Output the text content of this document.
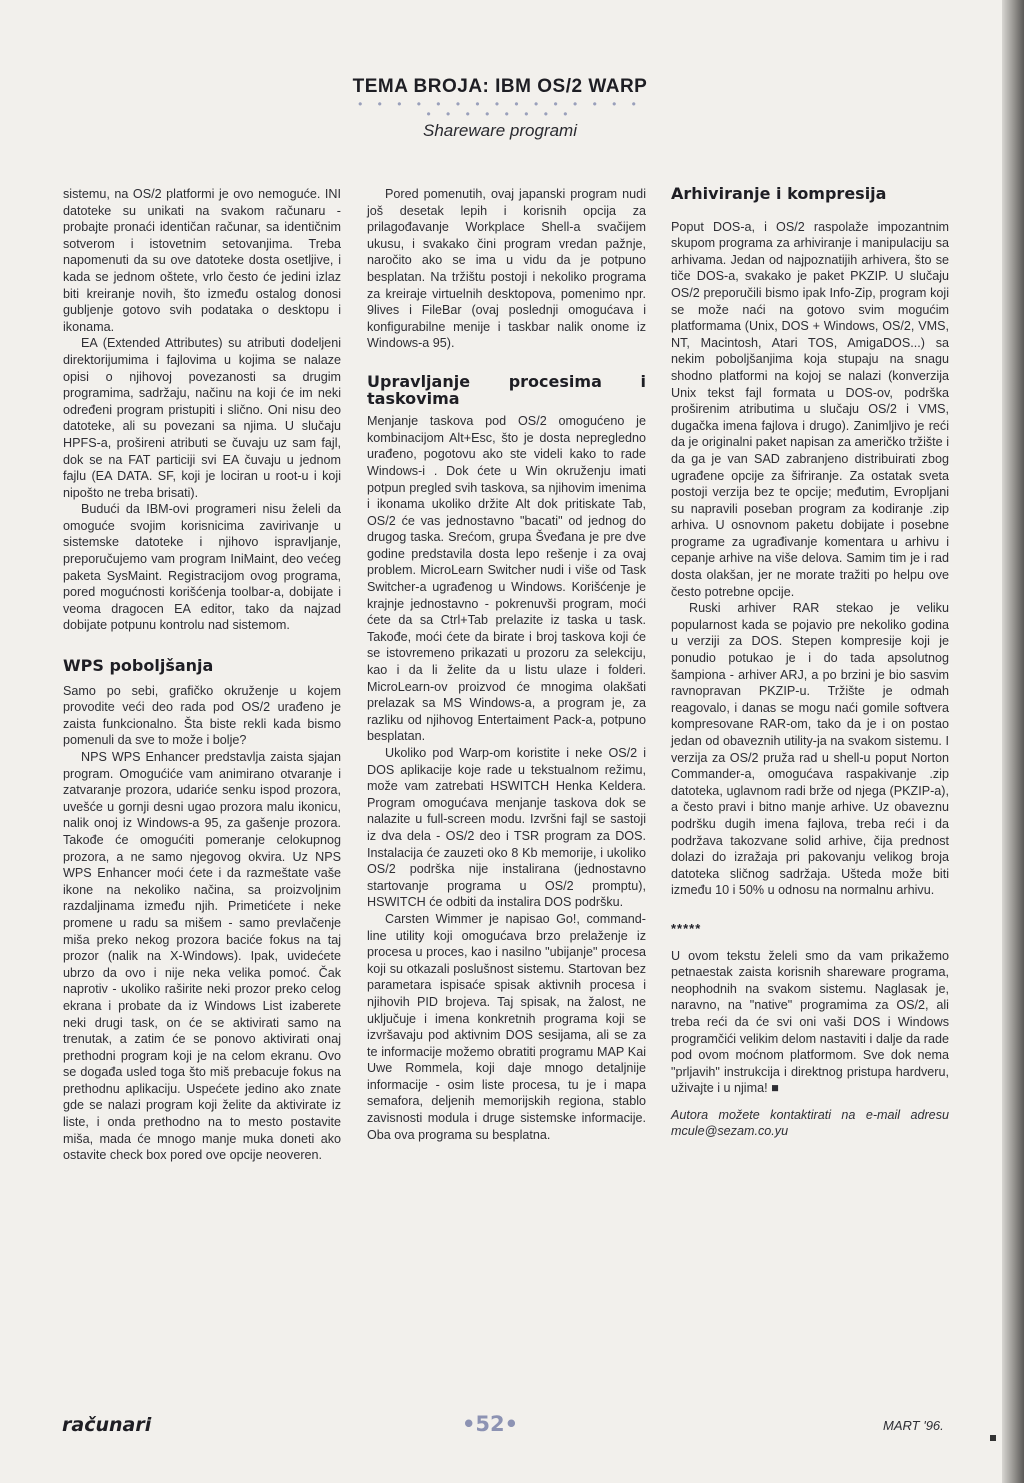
TEMA BROJA: IBM OS/2 WARP
• • • • • • • • • • • • • • • • • • • • • • •
Shareware programi

sistemu, na OS/2 platformi je ovo nemoguće. INI datoteke su unikati na svakom računaru - probajte pronaći identičan računar, sa identičnim sotverom i istovetnim setovanjima. Treba napomenuti da su ove datoteke dosta osetljive, i kada se jednom oštete, vrlo često će jedini izlaz biti kreiranje novih, što između ostalog donosi gubljenje gotovo svih podataka o desktopu i ikonama.

EA (Extended Attributes) su atributi dodeljeni direktorijumima i fajlovima u kojima se nalaze opisi o njihovoj povezanosti sa drugim programima, sadržaju, načinu na koji će im neki određeni program pristupiti i slično. Oni nisu deo datoteke, ali su povezani sa njima. U slučaju HPFS-a, prošireni atributi se čuvaju uz sam fajl, dok se na FAT particiji svi EA čuvaju u jednom fajlu (EA DATA. SF, koji je lociran u root-u i koji nipošto ne treba brisati).

Budući da IBM-ovi programeri nisu želeli da omoguće svojim korisnicima zavirivanje u sistemske datoteke i njihovo ispravljanje, preporučujemo vam program IniMaint, deo većeg paketa SysMaint. Registracijom ovog programa, pored mogućnosti korišćenja toolbar-a, dobijate i veoma dragocen EA editor, tako da najzad dobijate potpunu kontrolu nad sistemom.

WPS poboljšanja

Samo po sebi, grafičko okruženje u kojem provodite veći deo rada pod OS/2 urađeno je zaista funkcionalno. Šta biste rekli kada bismo pomenuli da sve to može i bolje?

NPS WPS Enhancer predstavlja zaista sjajan program. Omogućiće vam animirano otvaranje i zatvaranje prozora, udariće senku ispod prozora, uvešće u gornji desni ugao prozora malu ikonicu, nalik onoj iz Windows-a 95, za gašenje prozora. Takođe će omogućiti pomeranje celokupnog prozora, a ne samo njegovog okvira. Uz NPS WPS Enhancer moći ćete i da razmeštate vaše ikone na nekoliko načina, sa proizvoljnim razdaljinama između njih. Primetićete i neke promene u radu sa mišem - samo prevlačenje miša preko nekog prozora baciće fokus na taj prozor (nalik na X-Windows). Ipak, uvidećete ubrzo da ovo i nije neka velika pomoć. Čak naprotiv - ukoliko raširite neki prozor preko celog ekrana i probate da iz Windows List izaberete neki drugi task, on će se aktivirati samo na trenutak, a zatim će se ponovo aktivirati onaj prethodni program koji je na celom ekranu. Ovo se događa usled toga što miš prebacuje fokus na prethodnu aplikaciju. Uspećete jedino ako znate gde se nalazi program koji želite da aktivirate iz liste, i onda prethodno na to mesto postavite miša, mada će mnogo manje muka doneti ako ostavite check box pored ove opcije neoveren.

Pored pomenutih, ovaj japanski program nudi još desetak lepih i korisnih opcija za prilagođavanje Workplace Shell-a svačijem ukusu, i svakako čini program vredan pažnje, naročito ako se ima u vidu da je potpuno besplatan. Na tržištu postoji i nekoliko programa za kreiraje virtuelnih desktopova, pomenimo npr. 9lives i FileBar (ovaj poslednji omogućava i konfigurabilne menije i taskbar nalik onome iz Windows-a 95).

Upravljanje procesima i taskovima

Menjanje taskova pod OS/2 omogućeno je kombinacijom Alt+Esc, što je dosta nepregledno urađeno, pogotovu ako ste videli kako to rade Windows-i . Dok ćete u Win okruženju imati potpun pregled svih taskova, sa njihovim imenima i ikonama ukoliko držite Alt dok pritiskate Tab, OS/2 će vas jednostavno "bacati" od jednog do drugog taska. Srećom, grupa Šveđana je pre dve godine predstavila dosta lepo rešenje i za ovaj problem. MicroLearn Switcher nudi i više od Task Switcher-a ugrađenog u Windows. Korišćenje je krajnje jednostavno - pokrenuvši program, moći ćete da sa Ctrl+Tab prelazite iz taska u task. Takođe, moći ćete da birate i broj taskova koji će se istovremeno prikazati u prozoru za selekciju, kao i da li želite da u listu ulaze i folderi. MicroLearn-ov proizvod će mnogima olakšati prelazak sa MS Windows-a, a program je, za razliku od njihovog Entertaiment Pack-a, potpuno besplatan.

Ukoliko pod Warp-om koristite i neke OS/2 i DOS aplikacije koje rade u tekstualnom režimu, može vam zatrebati HSWITCH Henka Keldera. Program omogućava menjanje taskova dok se nalazite u full-screen modu. Izvršni fajl se sastoji iz dva dela - OS/2 deo i TSR program za DOS. Instalacija će zauzeti oko 8 Kb memorije, i ukoliko OS/2 podrška nije instalirana (jednostavno startovanje programa u OS/2 promptu), HSWITCH će odbiti da instalira DOS podršku.

Carsten Wimmer je napisao Go!, command-line utility koji omogućava brzo prelaženje iz procesa u proces, kao i nasilno "ubijanje" procesa koji su otkazali poslušnost sistemu. Startovan bez parametara ispisaće spisak aktivnih procesa i njihovih PID brojeva. Taj spisak, na žalost, ne uključuje i imena konkretnih programa koji se izvršavaju pod aktivnim DOS sesijama, ali se za te informacije možemo obratiti programu MAP Kai Uwe Rommela, koji daje mnogo detaljnije informacije - osim liste procesa, tu je i mapa semafora, deljenih memorijskih regiona, stablo zavisnosti modula i druge sistemske informacije. Oba ova programa su besplatna.

Arhiviranje i kompresija

Poput DOS-a, i OS/2 raspolaže impozantnim skupom programa za arhiviranje i manipulaciju sa arhivama. Jedan od najpoznatijih arhivera, što se tiče DOS-a, svakako je paket PKZIP. U slučaju OS/2 preporučili bismo ipak Info-Zip, program koji se može naći na gotovo svim mogućim platformama (Unix, DOS + Windows, OS/2, VMS, NT, Macintosh, Atari TOS, AmigaDOS...) sa nekim poboljšanjima koja stupaju na snagu shodno platformi na kojoj se nalazi (konverzija Unix tekst fajl formata u DOS-ov, podrška proširenim atributima u slučaju OS/2 i VMS, dugačka imena fajlova i drugo). Zanimljivo je reći da je originalni paket napisan za američko tržište i da ga je van SAD zabranjeno distribuirati zbog ugrađene opcije za šifriranje. Za ostatak sveta postoji verzija bez te opcije; međutim, Evropljani su napravili poseban program za kodiranje .zip arhiva. U osnovnom paketu dobijate i posebne programe za ugrađivanje komentara u arhivu i cepanje arhive na više delova. Samim tim je i rad dosta olakšan, jer ne morate tražiti po helpu ove često potrebne opcije.

Ruski arhiver RAR stekao je veliku popularnost kada se pojavio pre nekoliko godina u verziji za DOS. Stepen kompresije koji je ponudio potukao je i do tada apsolutnog šampiona - arhiver ARJ, a po brzini je bio sasvim ravnopravan PKZIP-u. Tržište je odmah reagovalo, i danas se mogu naći gomile softvera kompresovane RAR-om, tako da je i on postao jedan od obaveznih utility-ja na svakom sistemu. I verzija za OS/2 pruža rad u shell-u poput Norton Commander-a, omogućava raspakivanje .zip datoteka, uglavnom radi brže od njega (PKZIP-a), a često pravi i bitno manje arhive. Uz obaveznu podršku dugih imena fajlova, treba reći i da podržava takozvane solid arhive, čija prednost dolazi do izražaja pri pakovanju velikog broja datoteka sličnog sadržaja. Ušteda može biti između 10 i 50% u odnosu na normalnu arhivu.

*****

U ovom tekstu želeli smo da vam prikažemo petnaestak zaista korisnih shareware programa, neophodnih na svakom sistemu. Naglasak je, naravno, na "native" programima za OS/2, ali treba reći da će svi oni vaši DOS i Windows programčići velikim delom nastaviti i dalje da rade pod ovom moćnom platformom. Sve dok nema "prljavih" instrukcija i direktnog pristupa hardveru, uživajte i u njima! ■

Autora možete kontaktirati na e-mail adresu mcule@sezam.co.yu

računari	•52•	MART '96.
